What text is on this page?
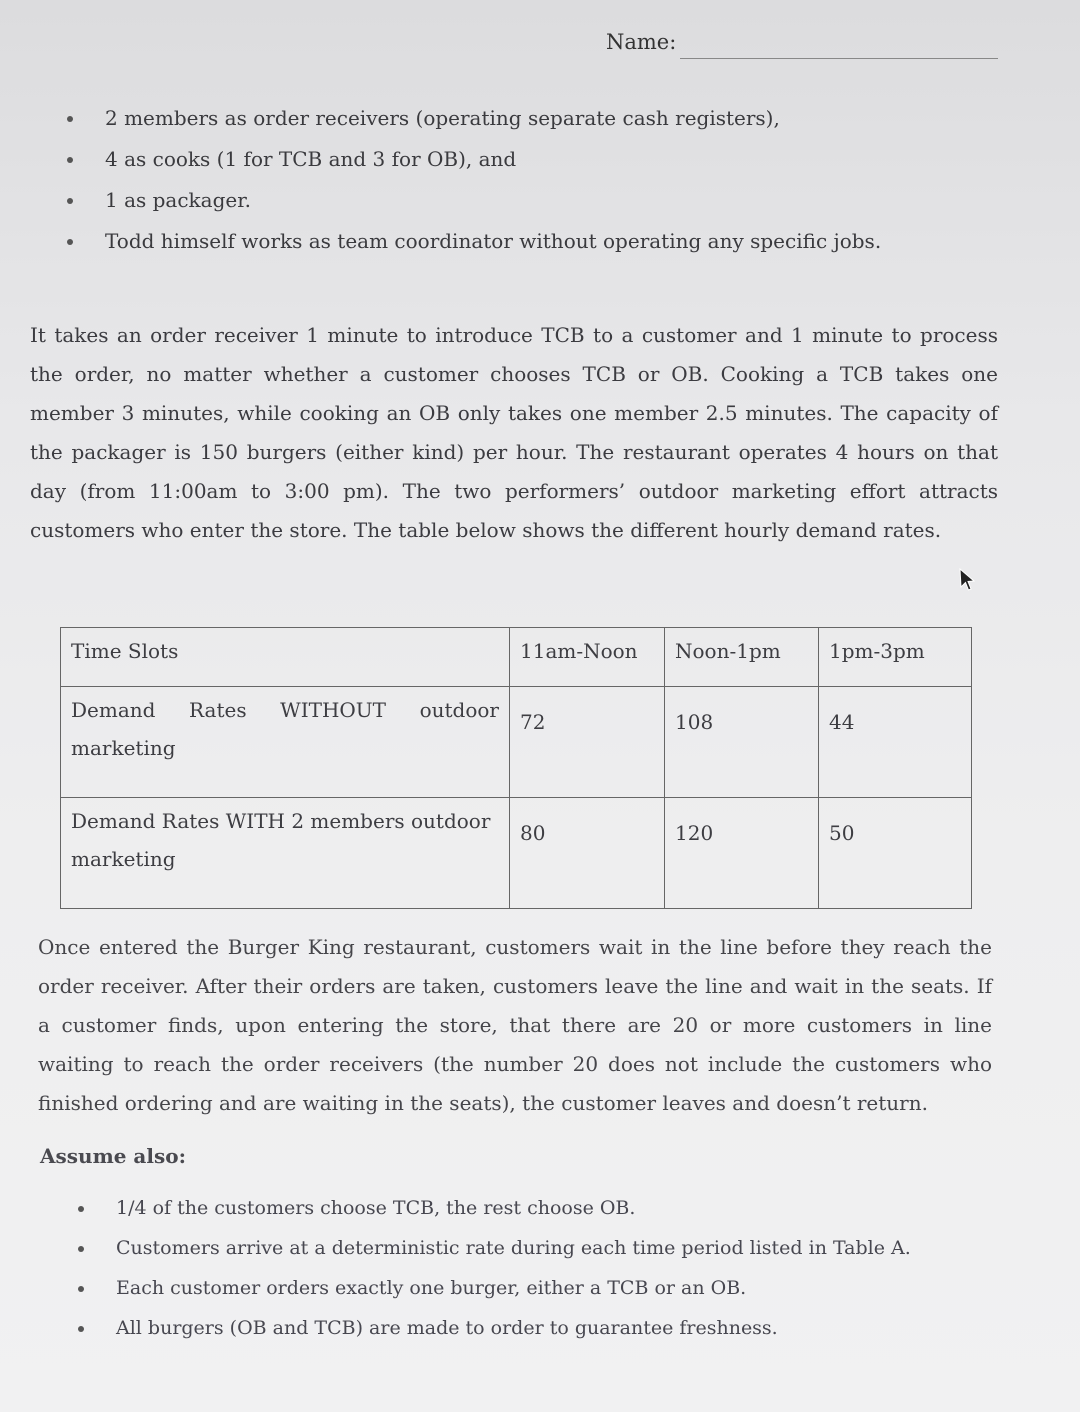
Name:
2 members as order receivers (operating separate cash registers),
4 as cooks (1 for TCB and 3 for OB), and
1 as packager.
Todd himself works as team coordinator without operating any specific jobs.
It takes an order receiver 1 minute to introduce TCB to a customer and 1 minute to process the order, no matter whether a customer chooses TCB or OB. Cooking a TCB takes one member 3 minutes, while cooking an OB only takes one member 2.5 minutes. The capacity of the packager is 150 burgers (either kind) per hour. The restaurant operates 4 hours on that day (from 11:00am to 3:00 pm). The two performers’ outdoor marketing effort attracts customers who enter the store. The table below shows the different hourly demand rates.
Time Slots	11am-Noon	Noon-1pm	1pm-3pm

Demand Rates WITHOUT outdoor
marketing	72	108	44

Demand Rates WITH 2 members outdoor
marketing	80	120	50
Once entered the Burger King restaurant, customers wait in the line before they reach the order receiver. After their orders are taken, customers leave the line and wait in the seats. If a customer finds, upon entering the store, that there are 20 or more customers in line waiting to reach the order receivers (the number 20 does not include the customers who finished ordering and are waiting in the seats), the customer leaves and doesn’t return.
Assume also:
1/4 of the customers choose TCB, the rest choose OB.
Customers arrive at a deterministic rate during each time period listed in Table A.
Each customer orders exactly one burger, either a TCB or an OB.
All burgers (OB and TCB) are made to order to guarantee freshness.
